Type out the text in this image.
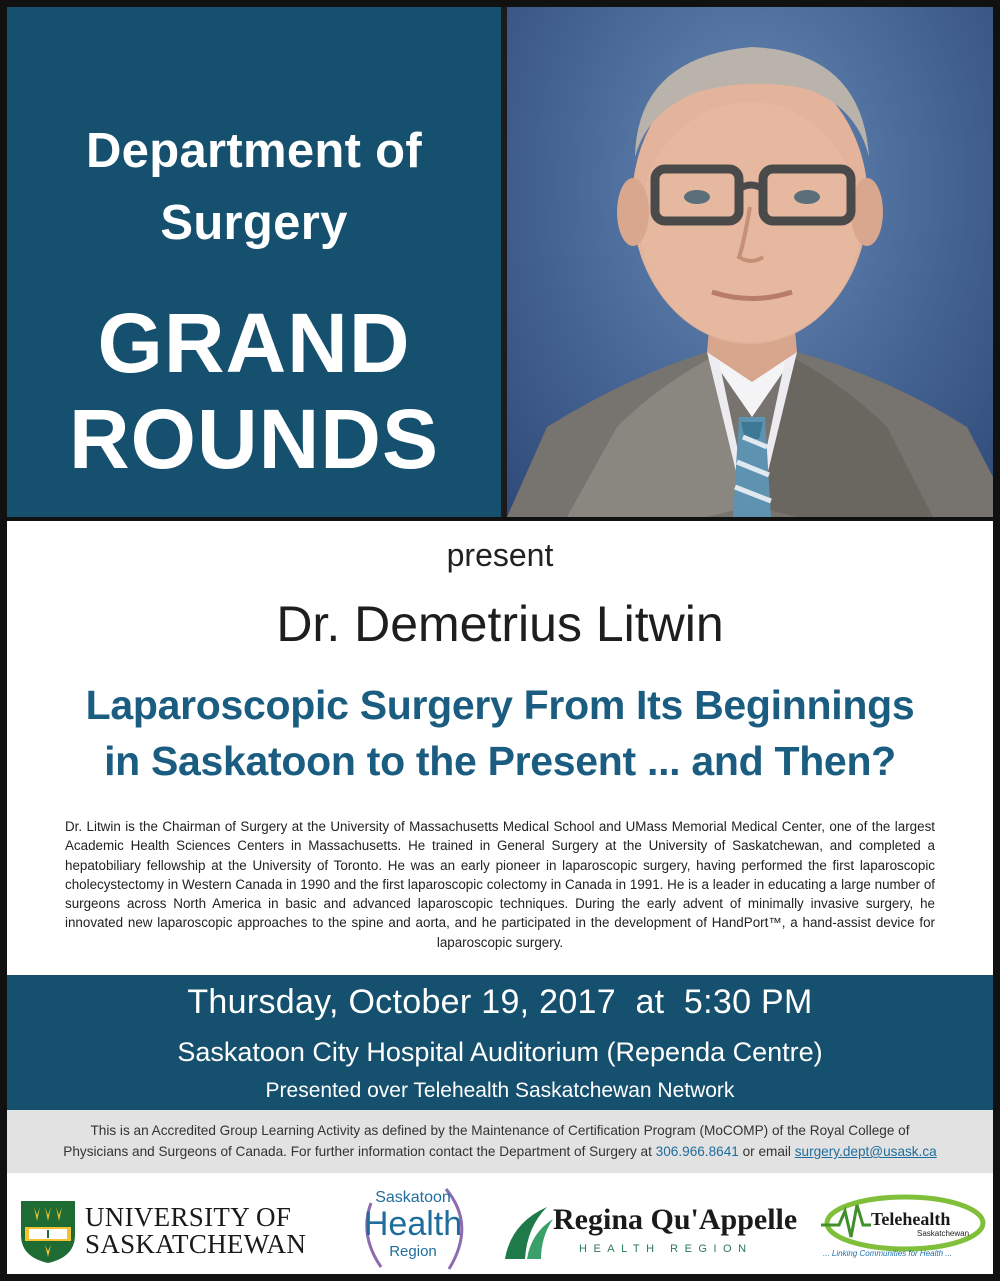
Department of
Surgery
GRAND
ROUNDS
present
Dr. Demetrius Litwin
Laparoscopic Surgery From Its Beginnings
in Saskatoon to the Present ... and Then?
Dr. Litwin is the Chairman of Surgery at the University of Massachusetts Medical School and UMass Memorial Medical Center, one of the largest Academic Health Sciences Centers in Massachusetts. He trained in General Surgery at the University of Saskatchewan, and completed a hepatobiliary fellowship at the University of Toronto. He was an early pioneer in laparoscopic surgery, having performed the first laparoscopic cholecystectomy in Western Canada in 1990 and the first laparoscopic colectomy in Canada in 1991. He is a leader in educating a large number of surgeons across North America in basic and advanced laparoscopic techniques. During the early advent of minimally invasive surgery, he innovated new laparoscopic approaches to the spine and aorta, and he participated in the development of HandPort™, a hand-assist device for laparoscopic surgery.
Thursday, October 19, 2017  at  5:30 PM
Saskatoon City Hospital Auditorium (Rependa Centre)
Presented over Telehealth Saskatchewan Network
This is an Accredited Group Learning Activity as defined by the Maintenance of Certification Program (MoCOMP) of the Royal College of
Physicians and Surgeons of Canada. For further information contact the Department of Surgery at 306.966.8641 or email surgery.dept@usask.ca
UNIVERSITY OF
SASKATCHEWAN
Saskatoon
Health
Region
Regina Qu'Appelle
HEALTH REGION
Telehealth
Saskatchewan
... Linking Communities for Health ...
